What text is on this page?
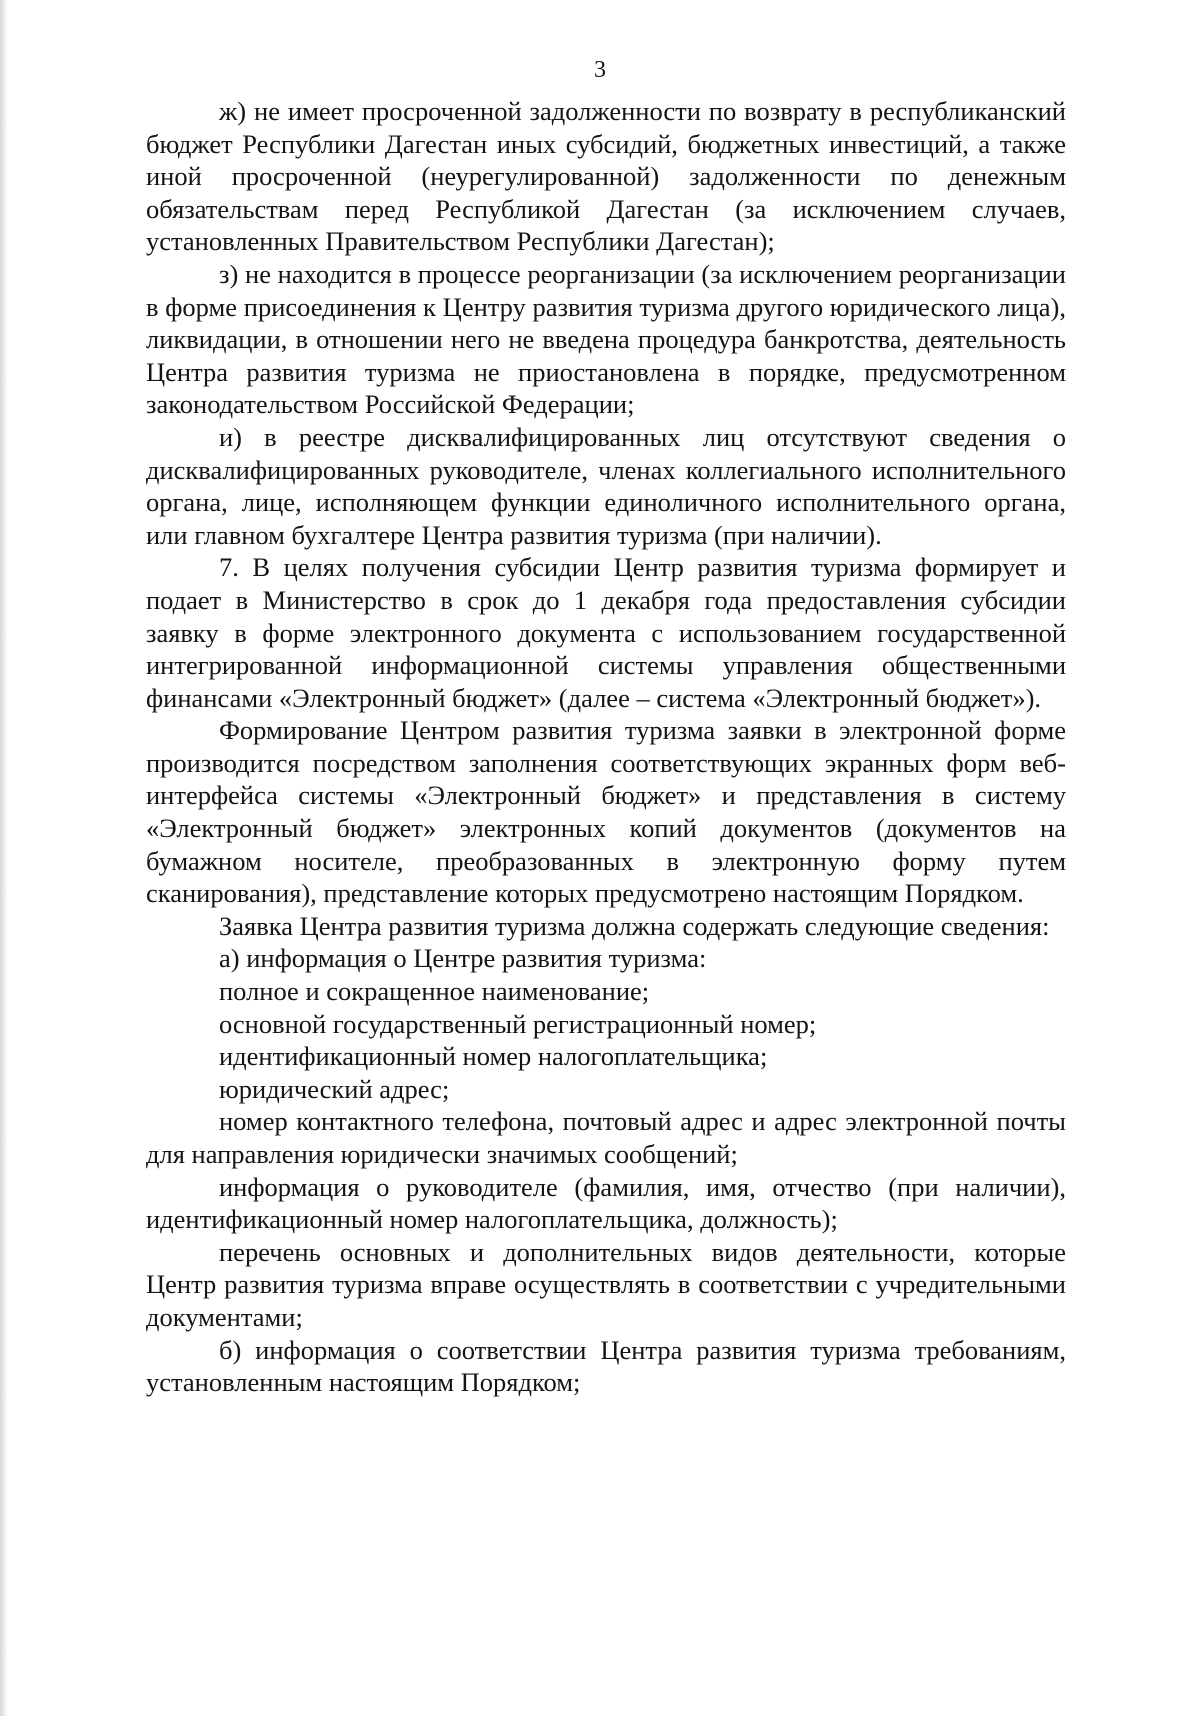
3

ж) не имеет просроченной задолженности по возврату в республиканский бюджет Республики Дагестан иных субсидий, бюджетных инвестиций, а также иной просроченной (неурегулированной) задолженности по денежным обязательствам перед Республикой Дагестан (за исключением случаев, установленных Правительством Республики Дагестан);

з) не находится в процессе реорганизации (за исключением реорганизации в форме присоединения к Центру развития туризма другого юридического лица), ликвидации, в отношении него не введена процедура банкротства, деятельность Центра развития туризма не приостановлена в порядке, предусмотренном законодательством Российской Федерации;

и) в реестре дисквалифицированных лиц отсутствуют сведения о дисквалифицированных руководителе, членах коллегиального исполнительного органа, лице, исполняющем функции единоличного исполнительного органа, или главном бухгалтере Центра развития туризма (при наличии).

7. В целях получения субсидии Центр развития туризма формирует и подает в Министерство в срок до 1 декабря года предоставления субсидии заявку в форме электронного документа с использованием государственной интегрированной информационной системы управления общественными финансами «Электронный бюджет» (далее – система «Электронный бюджет»).

Формирование Центром развития туризма заявки в электронной форме производится посредством заполнения соответствующих экранных форм веб-интерфейса системы «Электронный бюджет» и представления в систему «Электронный бюджет» электронных копий документов (документов на бумажном носителе, преобразованных в электронную форму путем сканирования), представление которых предусмотрено настоящим Порядком.

Заявка Центра развития туризма должна содержать следующие сведения:

а) информация о Центре развития туризма:

полное и сокращенное наименование;

основной государственный регистрационный номер;

идентификационный номер налогоплательщика;

юридический адрес;

номер контактного телефона, почтовый адрес и адрес электронной почты для направления юридически значимых сообщений;

информация о руководителе (фамилия, имя, отчество (при наличии), идентификационный номер налогоплательщика, должность);

перечень основных и дополнительных видов деятельности, которые Центр развития туризма вправе осуществлять в соответствии с учредительными документами;

б) информация о соответствии Центра развития туризма требованиям, установленным настоящим Порядком;
